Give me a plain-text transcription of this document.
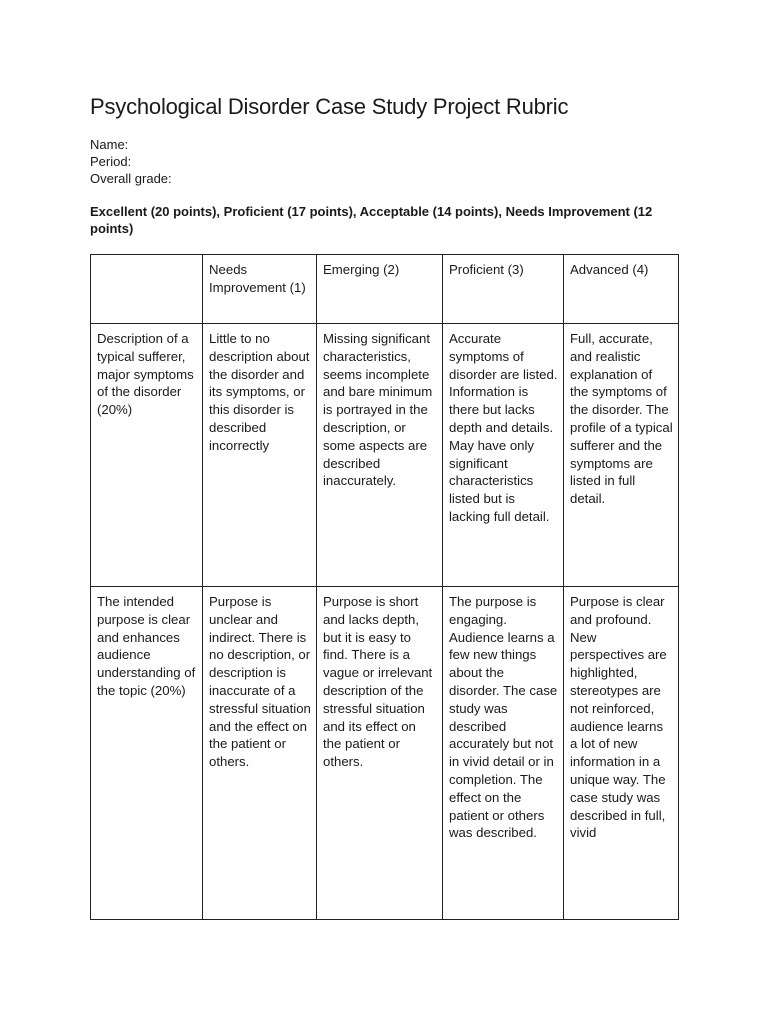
Psychological Disorder Case Study Project Rubric
Name:
Period:
Overall grade:
Excellent (20 points), Proficient (17 points), Acceptable (14 points), Needs Improvement (12 points)
	Needs Improvement (1)	Emerging (2)	Proficient (3)	Advanced (4)
Description of a typical sufferer, major symptoms of the disorder (20%)	Little to no description about the disorder and its symptoms, or this disorder is described incorrectly	Missing significant characteristics, seems incomplete and bare minimum is portrayed in the description, or some aspects are described inaccurately.	Accurate symptoms of disorder are listed. Information is there but lacks depth and details. May have only significant characteristics listed but is lacking full detail.	Full, accurate, and realistic explanation of the symptoms of the disorder. The profile of a typical sufferer and the symptoms are listed in full detail.
The intended purpose is clear and enhances audience understanding of the topic (20%)	Purpose is unclear and indirect. There is no description, or description is inaccurate of a stressful situation and the effect on the patient or others.	Purpose is short and lacks depth, but it is easy to find. There is a vague or irrelevant description of the stressful situation and its effect on the patient or others.	The purpose is engaging. Audience learns a few new things about the disorder. The case study was described accurately but not in vivid detail or in completion. The effect on the patient or others was described.	Purpose is clear and profound. New perspectives are highlighted, stereotypes are not reinforced, audience learns a lot of new information in a unique way. The case study was described in full, vivid
